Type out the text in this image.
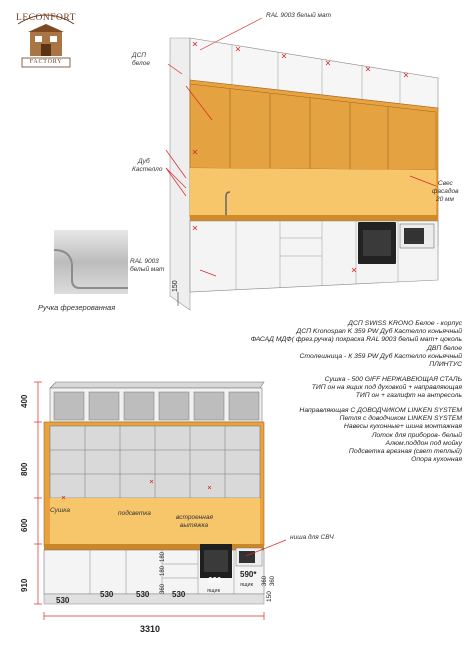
LECONFORT
FACTORY
RAL 9003 белый мат
ДСП
белое
Дуб
Кастелло
Свес
фасадов
20 мм
RAL 9003
белый мат
150
Ручка фрезерованная
ДСП SWISS KRONO Белое - корпус
ДСП Kronospan K 359 PW Дуб Кастелло коньячный
ФАСАД МДФ( фрез.ручка) покраска RAL 9003 белый мат+ цоколь
ДВП белое
Столешница - К 359 PW Дуб Кастелло коньячный
ПЛИНТУС
Сушка - 500 GIFF НЕРЖАВЕЮЩАЯ СТАЛЬ
ТИП он на ящик под духовкой + направляющая
ТИП он + газлифт на антресоль
Направляющая С ДОВОДЧИКОМ LINKEN SYSTEM
Петля с доводчиком LINKEN SYSTEM
Навесы кухонные+ шина монтажная
Лоток для приборов- белый
Алюм.поддон под мойку
Подсветка врезная (свет теплый)
Опора кухонная
400
800
600
910
530
530	530	530
600
590*
180
180
360
360 360
150
3310
Сушка	подсветка
встроенная
вытяжка
ниша для СВЧ
ящик
ящик
